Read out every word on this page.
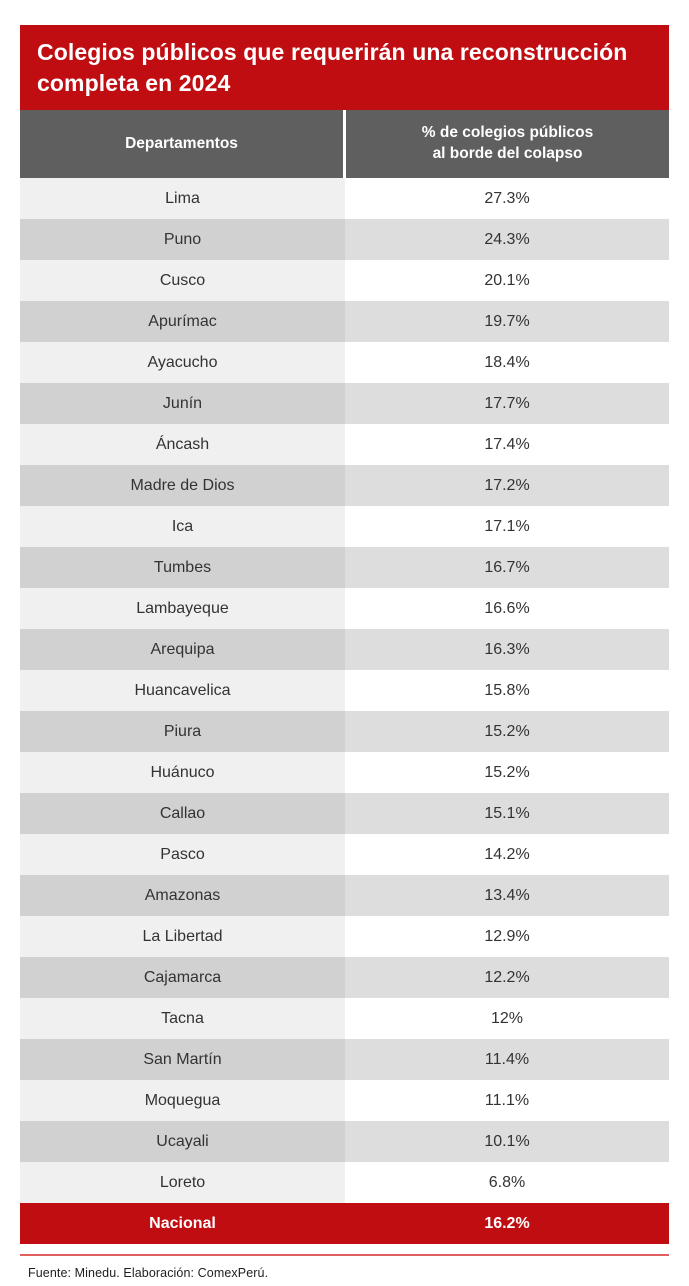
Colegios públicos que requerirán una reconstrucción completa en 2024
Departamentos
% de colegios públicos
al borde del colapso
Lima	27.3%
Puno	24.3%
Cusco	20.1%
Apurímac	19.7%
Ayacucho	18.4%
Junín	17.7%
Áncash	17.4%
Madre de Dios	17.2%
Ica	17.1%
Tumbes	16.7%
Lambayeque	16.6%
Arequipa	16.3%
Huancavelica	15.8%
Piura	15.2%
Huánuco	15.2%
Callao	15.1%
Pasco	14.2%
Amazonas	13.4%
La Libertad	12.9%
Cajamarca	12.2%
Tacna	12%
San Martín	11.4%
Moquegua	11.1%
Ucayali	10.1%
Loreto	6.8%
Nacional	16.2%
Fuente: Minedu. Elaboración: ComexPerú.
